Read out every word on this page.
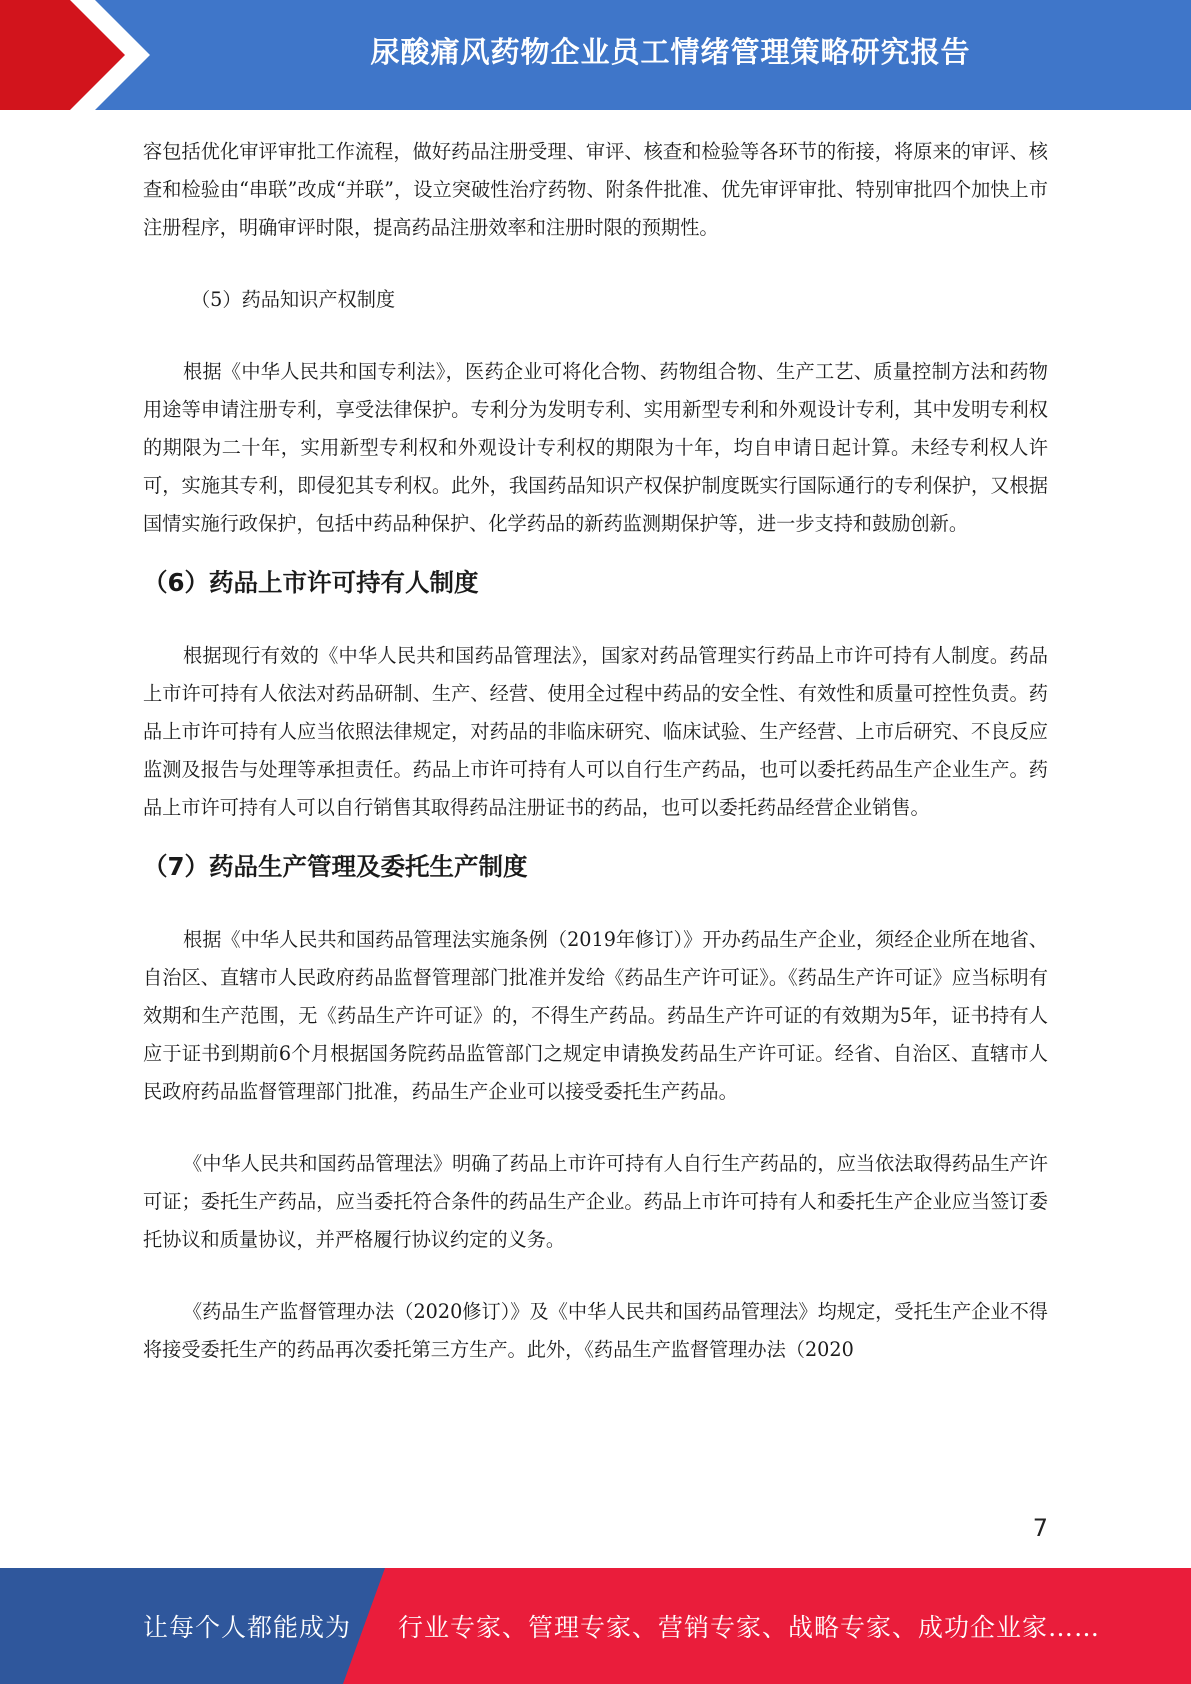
尿酸痛风药物企业员工情绪管理策略研究报告

容包括优化审评审批工作流程，做好药品注册受理、审评、核查和检验等各环节的衔接，将原来的审评、核查和检验由“串联”改成“并联”，设立突破性治疗药物、附条件批准、优先审评审批、特别审批四个加快上市注册程序，明确审评时限，提高药品注册效率和注册时限的预期性。

（5）药品知识产权制度

根据《中华人民共和国专利法》，医药企业可将化合物、药物组合物、生产工艺、质量控制方法和药物用途等申请注册专利，享受法律保护。专利分为发明专利、实用新型专利和外观设计专利，其中发明专利权的期限为二十年，实用新型专利权和外观设计专利权的期限为十年，均自申请日起计算。未经专利权人许可，实施其专利，即侵犯其专利权。此外，我国药品知识产权保护制度既实行国际通行的专利保护，又根据国情实施行政保护，包括中药品种保护、化学药品的新药监测期保护等，进一步支持和鼓励创新。

（6）药品上市许可持有人制度

根据现行有效的《中华人民共和国药品管理法》，国家对药品管理实行药品上市许可持有人制度。药品上市许可持有人依法对药品研制、生产、经营、使用全过程中药品的安全性、有效性和质量可控性负责。药品上市许可持有人应当依照法律规定，对药品的非临床研究、临床试验、生产经营、上市后研究、不良反应监测及报告与处理等承担责任。药品上市许可持有人可以自行生产药品，也可以委托药品生产企业生产。药品上市许可持有人可以自行销售其取得药品注册证书的药品，也可以委托药品经营企业销售。

（7）药品生产管理及委托生产制度

根据《中华人民共和国药品管理法实施条例（2019年修订）》开办药品生产企业，须经企业所在地省、自治区、直辖市人民政府药品监督管理部门批准并发给《药品生产许可证》。《药品生产许可证》应当标明有效期和生产范围，无《药品生产许可证》的，不得生产药品。药品生产许可证的有效期为5年，证书持有人应于证书到期前6个月根据国务院药品监管部门之规定申请换发药品生产许可证。经省、自治区、直辖市人民政府药品监督管理部门批准，药品生产企业可以接受委托生产药品。

《中华人民共和国药品管理法》明确了药品上市许可持有人自行生产药品的，应当依法取得药品生产许可证；委托生产药品，应当委托符合条件的药品生产企业。药品上市许可持有人和委托生产企业应当签订委托协议和质量协议，并严格履行协议约定的义务。

《药品生产监督管理办法（2020修订）》及《中华人民共和国药品管理法》均规定，受托生产企业不得将接受委托生产的药品再次委托第三方生产。此外，《药品生产监督管理办法（2020

7
让每个人都能成为 行业专家、管理专家、营销专家、战略专家、成功企业家……
